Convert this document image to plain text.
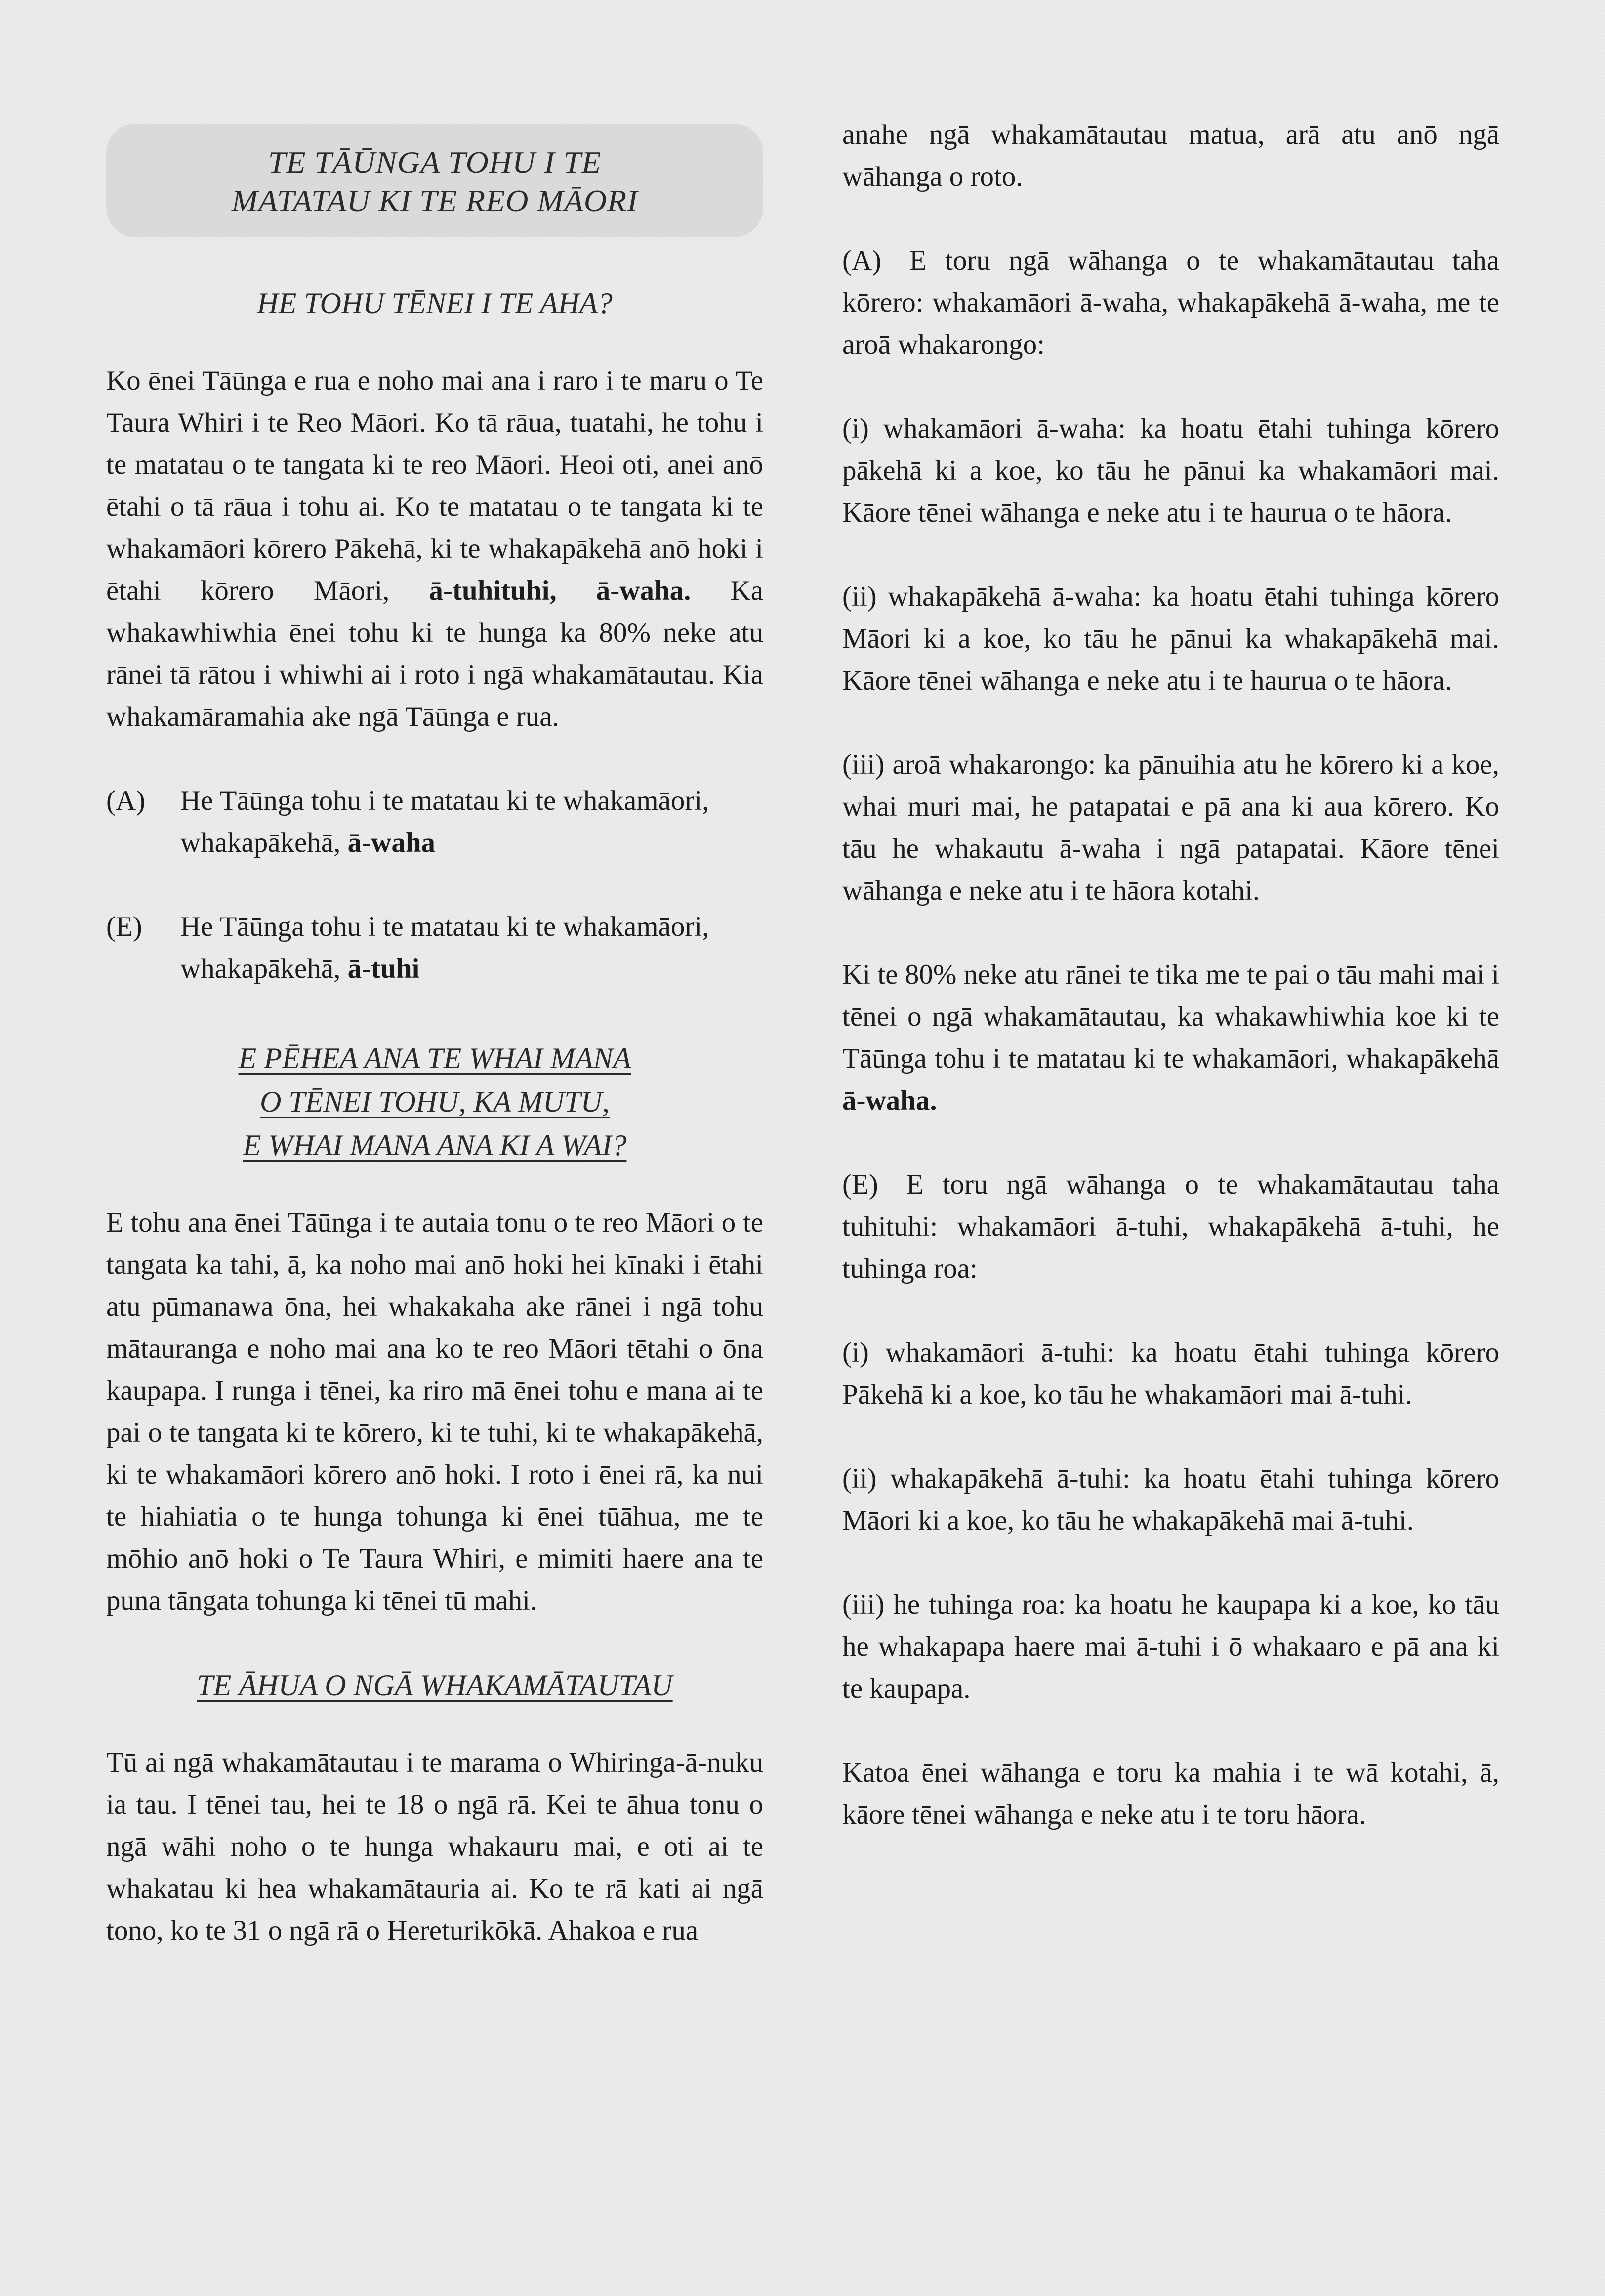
TE TĀŪNGA TOHU I TE
MATATAU KI TE REO MĀORI
HE TOHU TĒNEI I TE AHA?

Ko ēnei Tāūnga e rua e noho mai ana i raro i te maru o Te Taura Whiri i te Reo Māori. Ko tā rāua, tuatahi, he tohu i te matatau o te tangata ki te reo Māori. Heoi oti, anei anō ētahi o tā rāua i tohu ai. Ko te matatau o te tangata ki te whakamāori kōrero Pākehā, ki te whakapākehā anō hoki i ētahi kōrero Māori, ā-tuhituhi, ā-waha. Ka whakawhiwhia ēnei tohu ki te hunga ka 80% neke atu rānei tā rātou i whiwhi ai i roto i ngā whakamātautau. Kia whakamāramahia ake ngā Tāūnga e rua.

(A)	He Tāūnga tohu i te matatau ki te whakamāori, whakapākehā, ā-waha
(E)	He Tāūnga tohu i te matatau ki te whakamāori, whakapākehā, ā-tuhi
E PĒHEA ANA TE WHAI MANA
O TĒNEI TOHU, KA MUTU,
E WHAI MANA ANA KI A WAI?

E tohu ana ēnei Tāūnga i te autaia tonu o te reo Māori o te tangata ka tahi, ā, ka noho mai anō hoki hei kīnaki i ētahi atu pūmanawa ōna, hei whakakaha ake rānei i ngā tohu mātauranga e noho mai ana ko te reo Māori tētahi o ōna kaupapa. I runga i tēnei, ka riro mā ēnei tohu e mana ai te pai o te tangata ki te kōrero, ki te tuhi, ki te whakapākehā, ki te whakamāori kōrero anō hoki. I roto i ēnei rā, ka nui te hiahiatia o te hunga tohunga ki ēnei tūāhua, me te mōhio anō hoki o Te Taura Whiri, e mimiti haere ana te puna tāngata tohunga ki tēnei tū mahi.

TE ĀHUA O NGĀ WHAKAMĀTAUTAU

Tū ai ngā whakamātautau i te marama o Whiringa-ā-nuku ia tau. I tēnei tau, hei te 18 o ngā rā. Kei te āhua tonu o ngā wāhi noho o te hunga whakauru mai, e oti ai te whakatau ki hea whakamātauria ai. Ko te rā kati ai ngā tono, ko te 31 o ngā rā o Hereturikōkā. Ahakoa e rua

anahe ngā whakamātautau matua, arā atu anō ngā wāhanga o roto.

(A) E toru ngā wāhanga o te whakamātautau taha kōrero: whakamāori ā-waha, whakapākehā ā-waha, me te aroā whakarongo:

(i) whakamāori ā-waha: ka hoatu ētahi tuhinga kōrero pākehā ki a koe, ko tāu he pānui ka whakamāori mai. Kāore tēnei wāhanga e neke atu i te haurua o te hāora.

(ii) whakapākehā ā-waha: ka hoatu ētahi tuhinga kōrero Māori ki a koe, ko tāu he pānui ka whakapākehā mai. Kāore tēnei wāhanga e neke atu i te haurua o te hāora.

(iii) aroā whakarongo: ka pānuihia atu he kōrero ki a koe, whai muri mai, he patapatai e pā ana ki aua kōrero. Ko tāu he whakautu ā-waha i ngā patapatai. Kāore tēnei wāhanga e neke atu i te hāora kotahi.

Ki te 80% neke atu rānei te tika me te pai o tāu mahi mai i tēnei o ngā whakamātautau, ka whakawhiwhia koe ki te Tāūnga tohu i te matatau ki te whakamāori, whakapākehā ā-waha.

(E) E toru ngā wāhanga o te whakamātautau taha tuhituhi: whakamāori ā-tuhi, whakapākehā ā-tuhi, he tuhinga roa:

(i) whakamāori ā-tuhi: ka hoatu ētahi tuhinga kōrero Pākehā ki a koe, ko tāu he whakamāori mai ā-tuhi.

(ii) whakapākehā ā-tuhi: ka hoatu ētahi tuhinga kōrero Māori ki a koe, ko tāu he whakapākehā mai ā-tuhi.

(iii) he tuhinga roa: ka hoatu he kaupapa ki a koe, ko tāu he whakapapa haere mai ā-tuhi i ō whakaaro e pā ana ki te kaupapa.

Katoa ēnei wāhanga e toru ka mahia i te wā kotahi, ā, kāore tēnei wāhanga e neke atu i te toru hāora.
